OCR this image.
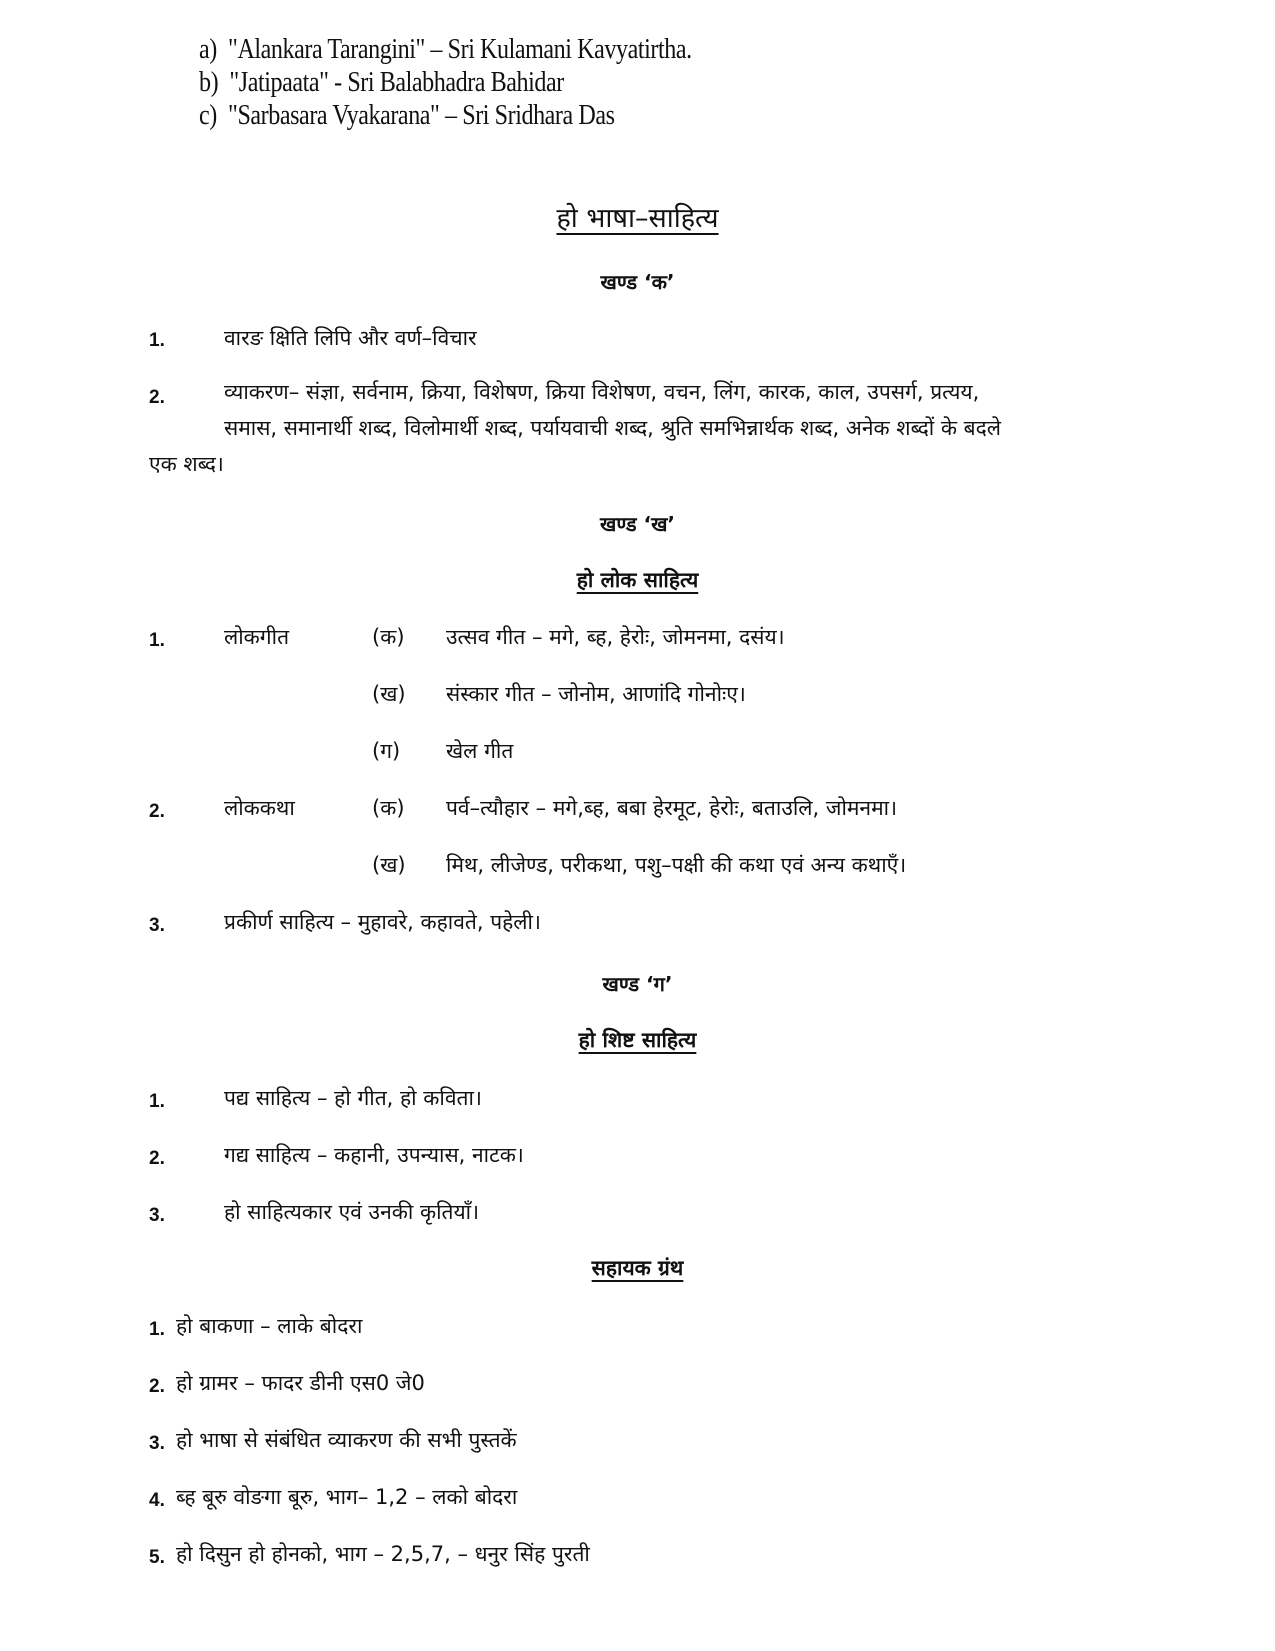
a) "Alankara Tarangini" – Sri Kulamani Kavyatirtha.
b) "Jatipaata" - Sri Balabhadra Bahidar
c) "Sarbasara Vyakarana" – Sri Sridhara Das
हो भाषा–साहित्य
खण्ड ‘क’
1.	वारङ क्षिति लिपि और वर्ण–विचार
2.	व्याकरण– संज्ञा, सर्वनाम, क्रिया, विशेषण, क्रिया विशेषण, वचन, लिंग, कारक, काल, उपसर्ग, प्रत्यय,
समास, समानार्थी शब्द, विलोमार्थी शब्द, पर्यायवाची शब्द, श्रुति समभिन्नार्थक शब्द, अनेक शब्दों के बदले
एक शब्द।
खण्ड ‘ख’
हो लोक साहित्य
1.	लोकगीत	(क) उत्सव गीत – मगे, ब्ह, हेरोः, जोमनमा, दसंय।
(ख) संस्कार गीत – जोनोम, आणांदि गोनोःए।
(ग) खेल गीत
2.	लोककथा	(क) पर्व–त्यौहार – मगे,ब्ह, बबा हेरमूट, हेरोः, बताउलि, जोमनमा।
(ख) मिथ, लीजेण्ड, परीकथा, पशु–पक्षी की कथा एवं अन्य कथाएँ।
3.	प्रकीर्ण साहित्य – मुहावरे, कहावते, पहेली।
खण्ड ‘ग’
हो शिष्ट साहित्य
1.	पद्य साहित्य – हो गीत, हो कविता।
2.	गद्य साहित्य – कहानी, उपन्यास, नाटक।
3.	हो साहित्यकार एवं उनकी कृतियाँ।
सहायक ग्रंथ
1. हो बाकणा – लाके बोदरा
2. हो ग्रामर – फादर डीनी एस0 जे0
3. हो भाषा से संबंधित व्याकरण की सभी पुस्तकें
4. ब्ह बूरु वोङगा बूरु, भाग– 1,2 – लको बोदरा
5. हो दिसुन हो होनको, भाग – 2,5,7, – धनुर सिंह पुरती
